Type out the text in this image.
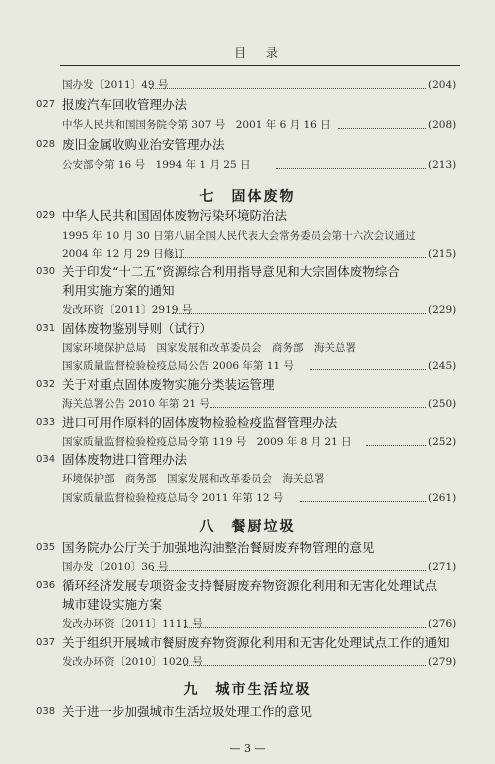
目 录
国办发〔2011〕49 号	(204)
027 报废汽车回收管理办法
中华人民共和国国务院令第 307 号　2001 年 6 月 16 日	(208)
028 废旧金属收购业治安管理办法
公安部令第 16 号　1994 年 1 月 25 日	(213)
029 中华人民共和国固体废物污染环境防治法
1995 年 10 月 30 日第八届全国人民代表大会常务委员会第十六次会议通过
2004 年 12 月 29 日修订	(215)
030 关于印发“十二五”资源综合利用指导意见和大宗固体废物综合
利用实施方案的通知
发改环资〔2011〕2919 号	(229)
031 固体废物鉴别导则（试行）
国家环境保护总局　国家发展和改革委员会　商务部　海关总署
国家质量监督检验检疫总局公告 2006 年第 11 号	(245)
032 关于对重点固体废物实施分类装运管理
海关总署公告 2010 年第 21 号	(250)
033 进口可用作原料的固体废物检验检疫监督管理办法
国家质量监督检验检疫总局令第 119 号　2009 年 8 月 21 日	(252)
034 固体废物进口管理办法
环境保护部　商务部　国家发展和改革委员会　海关总署
国家质量监督检验检疫总局令 2011 年第 12 号	(261)
035 国务院办公厅关于加强地沟油整治餐厨废弃物管理的意见
国办发〔2010〕36 号	(271)
036 循环经济发展专项资金支持餐厨废弃物资源化利用和无害化处理试点
城市建设实施方案
发改办环资〔2011〕1111 号	(276)
037 关于组织开展城市餐厨废弃物资源化利用和无害化处理试点工作的通知
发改办环资〔2010〕1020 号	(279)
038 关于进一步加强城市生活垃圾处理工作的意见
七　固体废物
八　餐厨垃圾
九　城市生活垃圾
— 3 —
